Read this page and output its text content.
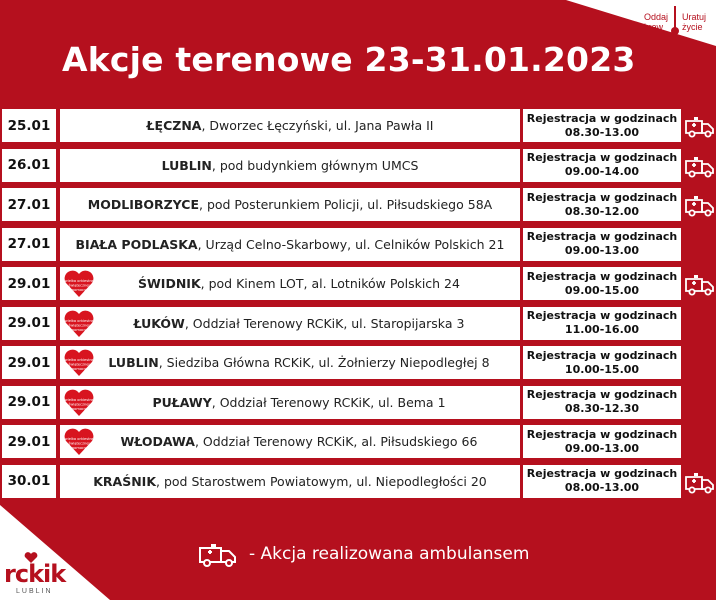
Oddaj
krew
Uratuj
życie
Akcje terenowe 23-31.01.2023
25.01	ŁĘCZNA, Dworzec Łęczyński, ul. Jana Pawła II	Rejestracja w godzinach
08.30-13.00
26.01	LUBLIN, pod budynkiem głównym UMCS	Rejestracja w godzinach
09.00-14.00
27.01	MODLIBORZYCE, pod Posterunkiem Policji, ul. Piłsudskiego 58A	Rejestracja w godzinach
08.30-12.00
27.01	BIAŁA PODLASKA, Urząd Celno-Skarbowy, ul. Celników Polskich 21 Rejestracja w godzinach
09.00-13.00
29.01	wielka orkiestra
świątecznej
pomocy	ŚWIDNIK, pod Kinem LOT, al. Lotników Polskich 24	Rejestracja w godzinach
09.00-15.00
29.01	wielka orkiestra
świątecznej
pomocy	ŁUKÓW, Oddział Terenowy RCKiK, ul. Staropijarska 3	Rejestracja w godzinach
11.00-16.00
29.01	wielka orkiestra
świątecznej
pomocy LUBLIN, Siedziba Główna RCKiK, ul. Żołnierzy Niepodległej 8	Rejestracja w godzinach
10.00-15.00
29.01	wielka orkiestra
świątecznej
pomocy	PUŁAWY, Oddział Terenowy RCKiK, ul. Bema 1	Rejestracja w godzinach
08.30-12.30
29.01	wielka orkiestra
świątecznej
pomocy	WŁODAWA, Oddział Terenowy RCKiK, al. Piłsudskiego 66	Rejestracja w godzinach
09.00-13.00
30.01	KRAŚNIK, pod Starostwem Powiatowym, ul. Niepodległości 20	Rejestracja w godzinach
08.00-13.00
- Akcja realizowana ambulansem
rckik
LUBLIN
